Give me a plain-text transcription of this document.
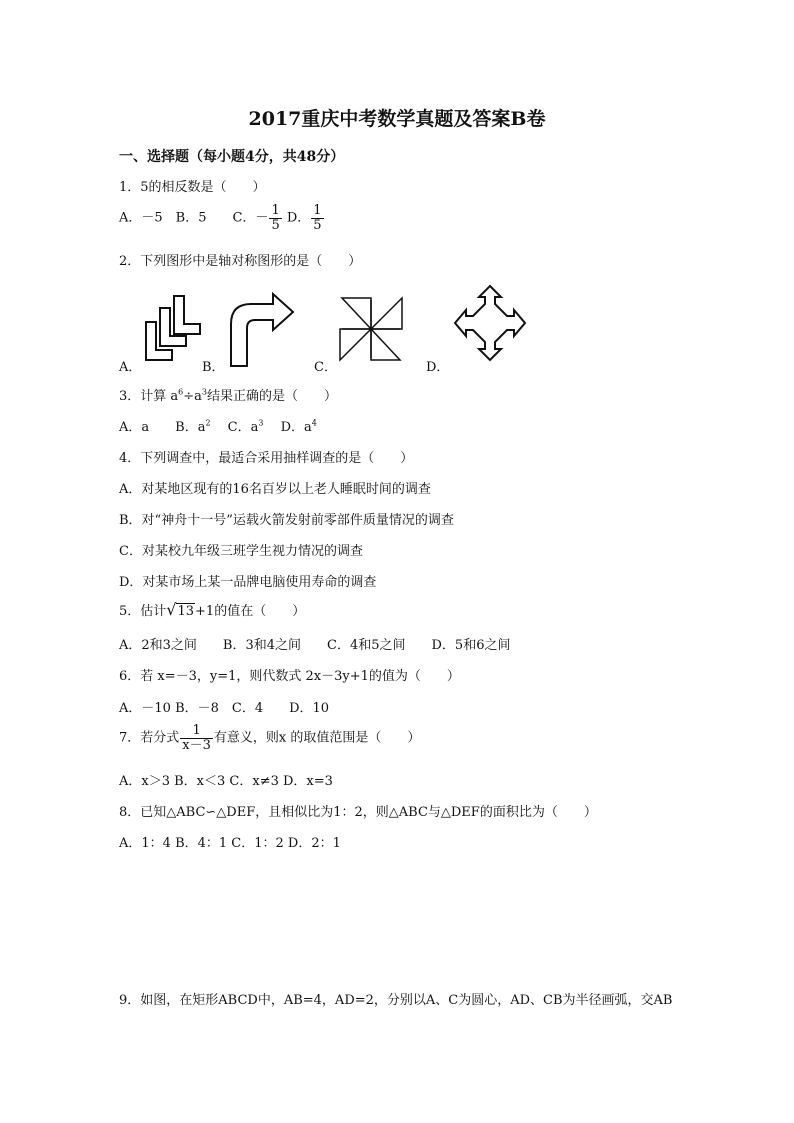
2017重庆中考数学真题及答案B卷
一、选择题（每小题4分，共48分）
1．5的相反数是（　　）
A．－5　B．5　　C．－ $\frac{1}{5}$ D． $\frac{1}{5}$
2．下列图形中是轴对称图形的是（　　）
A．	B．	C．	D．
3．计算 $a^6\div a^3$结果正确的是（　　）
A．a　　B．$a^2$　 C．$a^3$　 D．$a^4$
4．下列调查中，最适合采用抽样调查的是（　　）
A．对某地区现有的16名百岁以上老人睡眠时间的调查
B．对“神舟十一号”运载火箭发射前零部件质量情况的调查
C．对某校九年级三班学生视力情况的调查
D．对某市场上某一品牌电脑使用寿命的调查
5．估计√13+1的值在（　　）
A．2和3之间　　B．3和4之间　　C．4和5之间　　D．5和6之间
6．若 x=－3，y=1，则代数式 2x－3y+1的值为（　　）
A．－10 B．－8　C．4　　D．10
7．若分式 $\frac{1}{x-3}$ 有意义，则x 的取值范围是（　　）
A．x＞3 B．x＜3 C．x≠3 D．x=3
8．已知△ABC∽△DEF，且相似比为1：2，则△ABC与△DEF的面积比为（　　）
A．1：4 B．4：1 C．1：2 D．2：1
9．如图，在矩形ABCD中，AB=4，AD=2，分别以A、C为圆心，AD、CB为半径画弧，交AB
